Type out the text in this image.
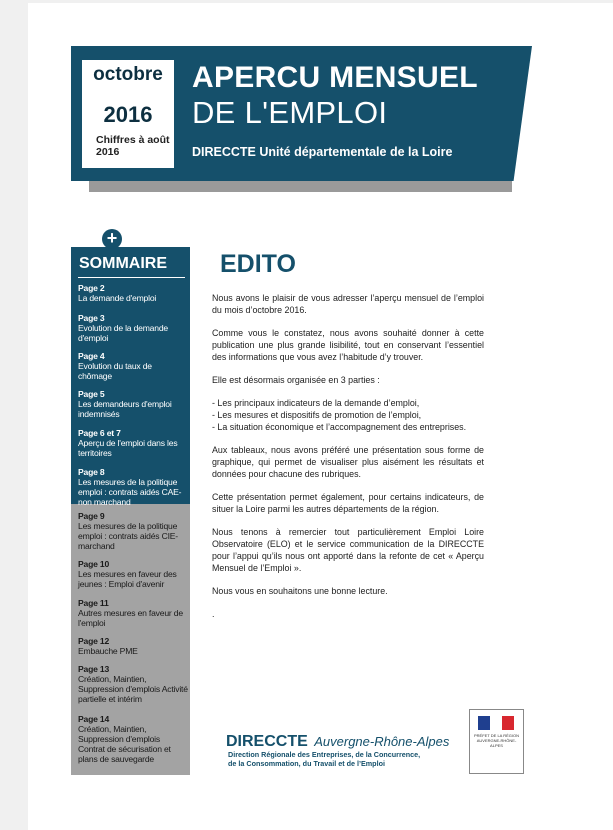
octobre
2016
Chiffres à août 2016
APERCU MENSUEL
DE L'EMPLOI
DIRECCTE Unité départementale de la Loire
+
SOMMAIRE
Page 2
La demande d'emploi
Page 3
Evolution de la demande d'emploi
Page 4
Evolution du taux de chômage
Page 5
Les demandeurs d'emploi indemnisés
Page 6 et 7
Aperçu de l'emploi dans les territoires
Page 8
Les mesures de la politique emploi : contrats aidés CAE-non marchand
Page 9
Les mesures de la politique emploi : contrats aidés CIE-marchand
Page 10
Les mesures en faveur des jeunes : Emploi d'avenir
Page 11
Autres mesures en faveur de l'emploi
Page 12
Embauche PME
Page 13
Création, Maintien, Suppression d'emplois Activité partielle et intérim
Page 14
Création, Maintien, Suppression d'emplois Contrat de sécurisation et plans de sauvegarde
EDITO

Nous avons le plaisir de vous adresser l’aperçu mensuel de l’emploi du mois d’octobre 2016.

Comme vous le constatez, nous avons souhaité donner à cette publication une plus grande lisibilité, tout en conservant l’essentiel des informations que vous avez l’habitude d’y trouver.

Elle est désormais organisée en 3 parties :

- Les principaux indicateurs de la demande d’emploi,
- Les mesures et dispositifs de promotion de l’emploi,
- La situation économique et l’accompagnement des entreprises.

Aux tableaux, nous avons préféré une présentation sous forme de graphique, qui permet de visualiser plus aisément les résultats et données pour chacune des rubriques.

Cette présentation permet également, pour certains indicateurs, de situer la Loire parmi les autres départements de la région.

Nous tenons à remercier tout particulièrement Emploi Loire Observatoire (ELO) et le service communication de la DIRECCTE pour l’appui qu’ils nous ont apporté dans la refonte de cet « Aperçu Mensuel de l’Emploi ».

Nous vous en souhaitons une bonne lecture.

.

DIRECCTE Auvergne-Rhône-Alpes
Direction Régionale des Entreprises, de la Concurrence,
de la Consommation, du Travail et de l’Emploi
PRÉFET DE LA RÉGION AUVERGNE-RHÔNE-ALPES
